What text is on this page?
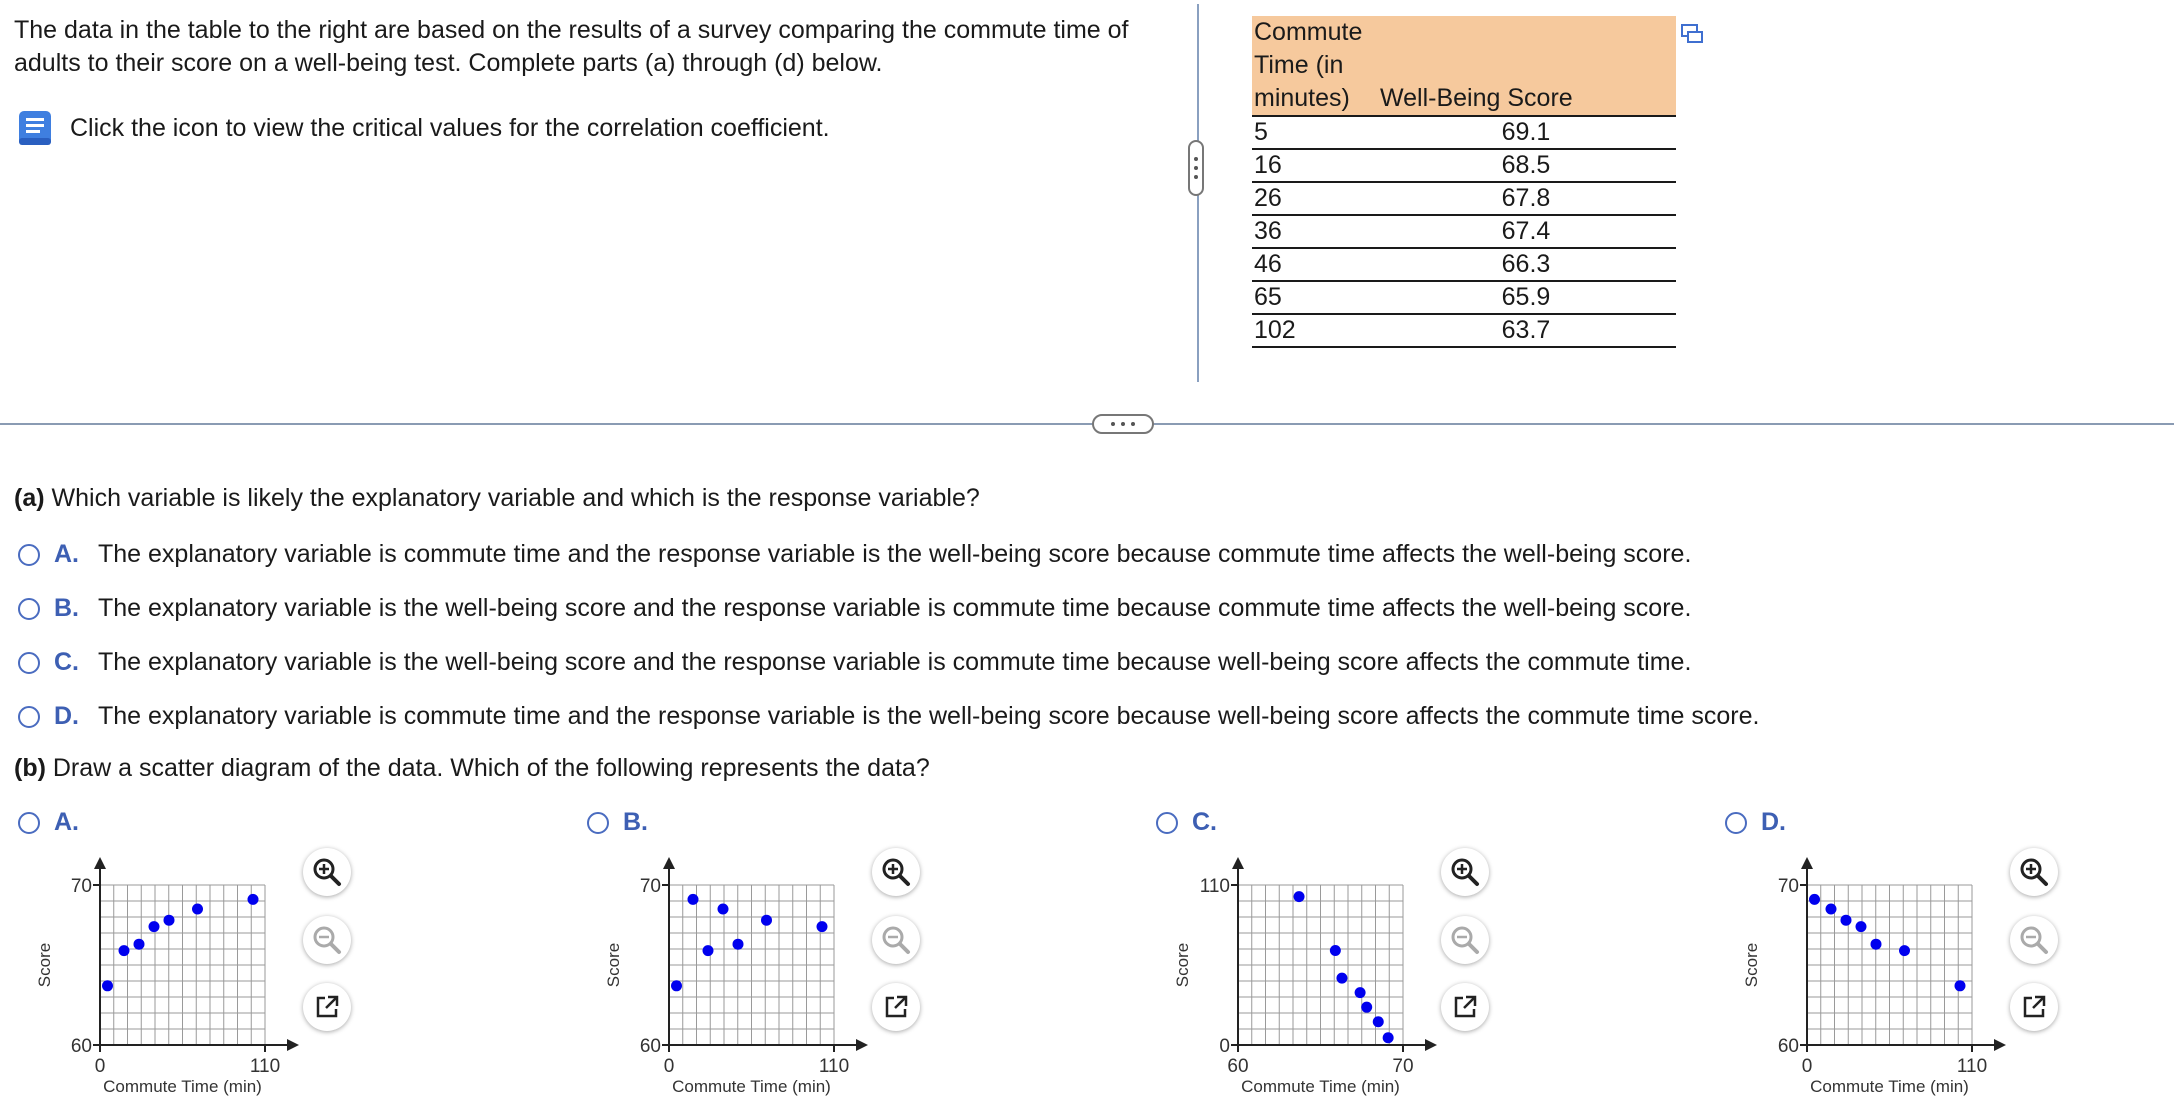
The data in the table to the right are based on the results of a survey comparing the commute time of adults to their score on a well-being test. Complete parts (a) through (d) below.
Click the icon to view the critical values for the correlation coefficient.
Commute
Time (in
minutes)	Well-Being Score
5	69.1
16	68.5
26	67.8
36	67.4
46	66.3
65	65.9
102	63.7
(a) Which variable is likely the explanatory variable and which is the response variable?
A. The explanatory variable is commute time and the response variable is the well-being score because commute time affects the well-being score.
B. The explanatory variable is the well-being score and the response variable is commute time because commute time affects the well-being score.
C. The explanatory variable is the well-being score and the response variable is commute time because well-being score affects the commute time.
D. The explanatory variable is commute time and the response variable is the well-being score because well-being score affects the commute time score.
(b) Draw a scatter diagram of the data. Which of the following represents the data?
A.	B.	C.	D.
70
60
0	110
Score
Commute Time (min)
70
60
0	110
Score
Commute Time (min)
110
0
60	70
Score
Commute Time (min)
70
60
0	110
Score
Commute Time (min)
